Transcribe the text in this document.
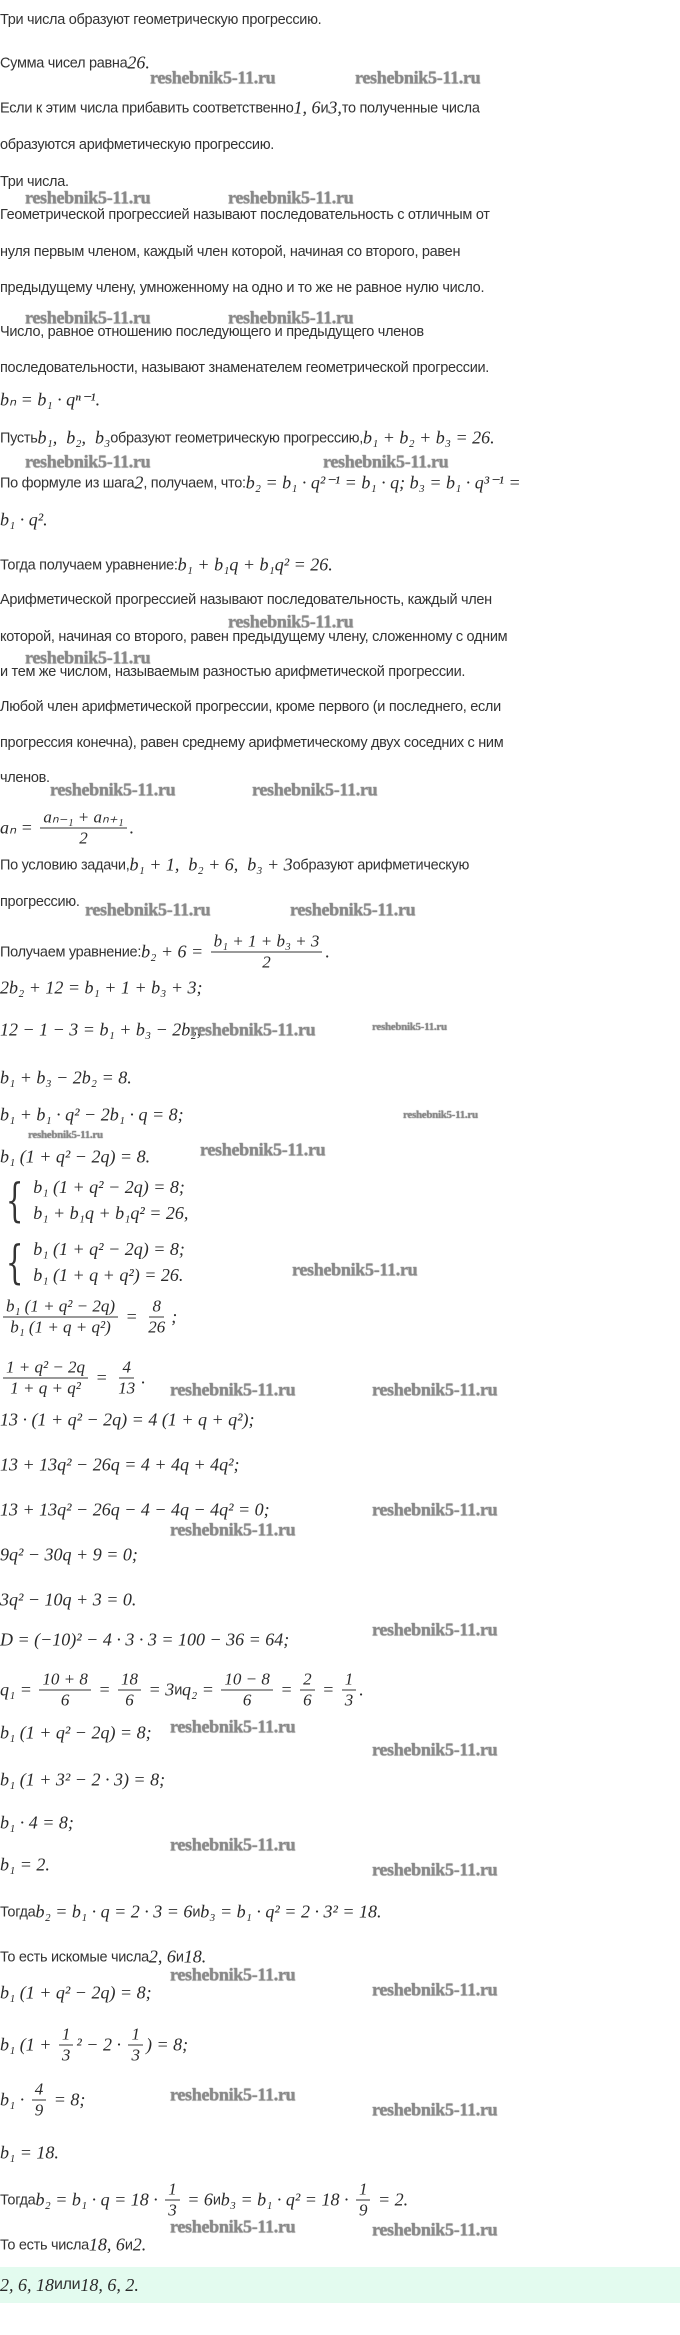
Три числа образуют геометрическую прогрессию.
Сумма чисел равна 26.
Если к этим числа прибавить соответственно 1, 6 и 3, то полученные числа
образуются арифметическую прогрессию.
Три числа.
Геометрической прогрессией называют последовательность с отличным от
нуля первым членом, каждый член которой, начиная со второго, равен
предыдущему члену, умноженному на одно и то же не равное нулю число.
Число, равное отношению последующего и предыдущего членов
последовательности, называют знаменателем геометрической прогрессии.
bₙ = b₁ · qⁿ⁻¹.
Пусть b₁,  b₂,  b₃ образуют геометрическую прогрессию, b₁ + b₂ + b₃ = 26.
По формуле из шага 2 , получаем, что: b₂ = b₁ · q²⁻¹ = b₁ · q; b₃ = b₁ · q³⁻¹ =
b₁ · q².
Тогда получаем уравнение: b₁ + b₁q + b₁q² = 26.
Арифметической прогрессией называют последовательность, каждый член
которой, начиная со второго, равен предыдущему члену, сложенному с одним
и тем же числом, называемым разностью арифметической прогрессии.
Любой член арифметической прогрессии, кроме первого (и последнего, если
прогрессия конечна), равен среднему арифметическому двух соседних с ним
членов.
$a_n = \frac{\text{aₙ₋₁ + aₙ₊₁}}{2}$ .
По условию задачи, b₁ + 1,  b₂ + 6,  b₃ + 3 образуют арифметическую
прогрессию.
Получаем уравнение: $b_2 + 6 = \frac{\text{b₁ + 1 + b₃ + 3}}{2}$ .
2b₂ + 12 = b₁ + 1 + b₃ + 3;
12 − 1 − 3 = b₁ + b₃ − 2b₂;
b₁ + b₃ − 2b₂ = 8.
b₁ + b₁ · q² − 2b₁ · q = 8;
b₁ (1 + q² − 2q) = 8.
{ b₁ (1 + q² − 2q) = 8;
b₁ + b₁q + b₁q² = 26,
{ b₁ (1 + q² − 2q) = 8;
b₁ (1 + q + q²) = 26.
$\frac{\text{b₁ (1 + q² − 2q)}}{\text{b₁ (1 + q + q²)}} = \frac{8}{26}$ ;
$\frac{\text{1 + q² − 2q}}{\text{1 + q + q²}} = \frac{4}{13}$ .
13 · (1 + q² − 2q) = 4 (1 + q + q²);
13 + 13q² − 26q = 4 + 4q + 4q²;
13 + 13q² − 26q − 4 − 4q − 4q² = 0;
9q² − 30q + 9 = 0;
3q² − 10q + 3 = 0.
D = (−10)² − 4 · 3 · 3 = 100 − 36 = 64;
$q_1 = \frac{10 + 8}{6} = \frac{18}{6} = 3$ и $q_2 = \frac{10 - 8}{6} = \frac{2}{6} = \frac{1}{3}$ .
b₁ (1 + q² − 2q) = 8;
b₁ (1 + 3² − 2 · 3) = 8;
b₁ · 4 = 8;
b₁ = 2.
Тогда b₂ = b₁ · q = 2 · 3 = 6 и b₃ = b₁ · q² = 2 · 3² = 18.
То есть искомые числа 2, 6 и 18.
b₁ (1 + q² − 2q) = 8;
b₁ ($1 + \frac{1}{3} ^2 - 2 \cdot \frac{1}{3}$ ) = 8;
$b_1 \cdot \frac{4}{9} = 8$;
b₁ = 18.
Тогда $b_2 = b_1 \cdot q = 18 \cdot \frac{1}{3} = 6$ и $b_3 = b_1 \cdot q^2 = 18 \cdot \frac{1}{9} = 2$.
То есть числа 18, 6 и 2.
2, 6, 18 или 18, 6, 2.
reshebnik5-11.ru	reshebnik5-11.ru
reshebnik5-11.ru	reshebnik5-11.ru
reshebnik5-11.ru	reshebnik5-11.ru
reshebnik5-11.ru	reshebnik5-11.ru
reshebnik5-11.ru
reshebnik5-11.ru
reshebnik5-11.ru	reshebnik5-11.ru
reshebnik5-11.ru	reshebnik5-11.ru
reshebnik5-11.ru	reshebnik5-11.ru
reshebnik5-11.ru
reshebnik5-11.ru
reshebnik5-11.ru
reshebnik5-11.ru
reshebnik5-11.ru	reshebnik5-11.ru
reshebnik5-11.ru
reshebnik5-11.ru
reshebnik5-11.ru
reshebnik5-11.ru
reshebnik5-11.ru
reshebnik5-11.ru
reshebnik5-11.ru
reshebnik5-11.ru
reshebnik5-11.ru
reshebnik5-11.ru
reshebnik5-11.ru
reshebnik5-11.ru	reshebnik5-11.ru
